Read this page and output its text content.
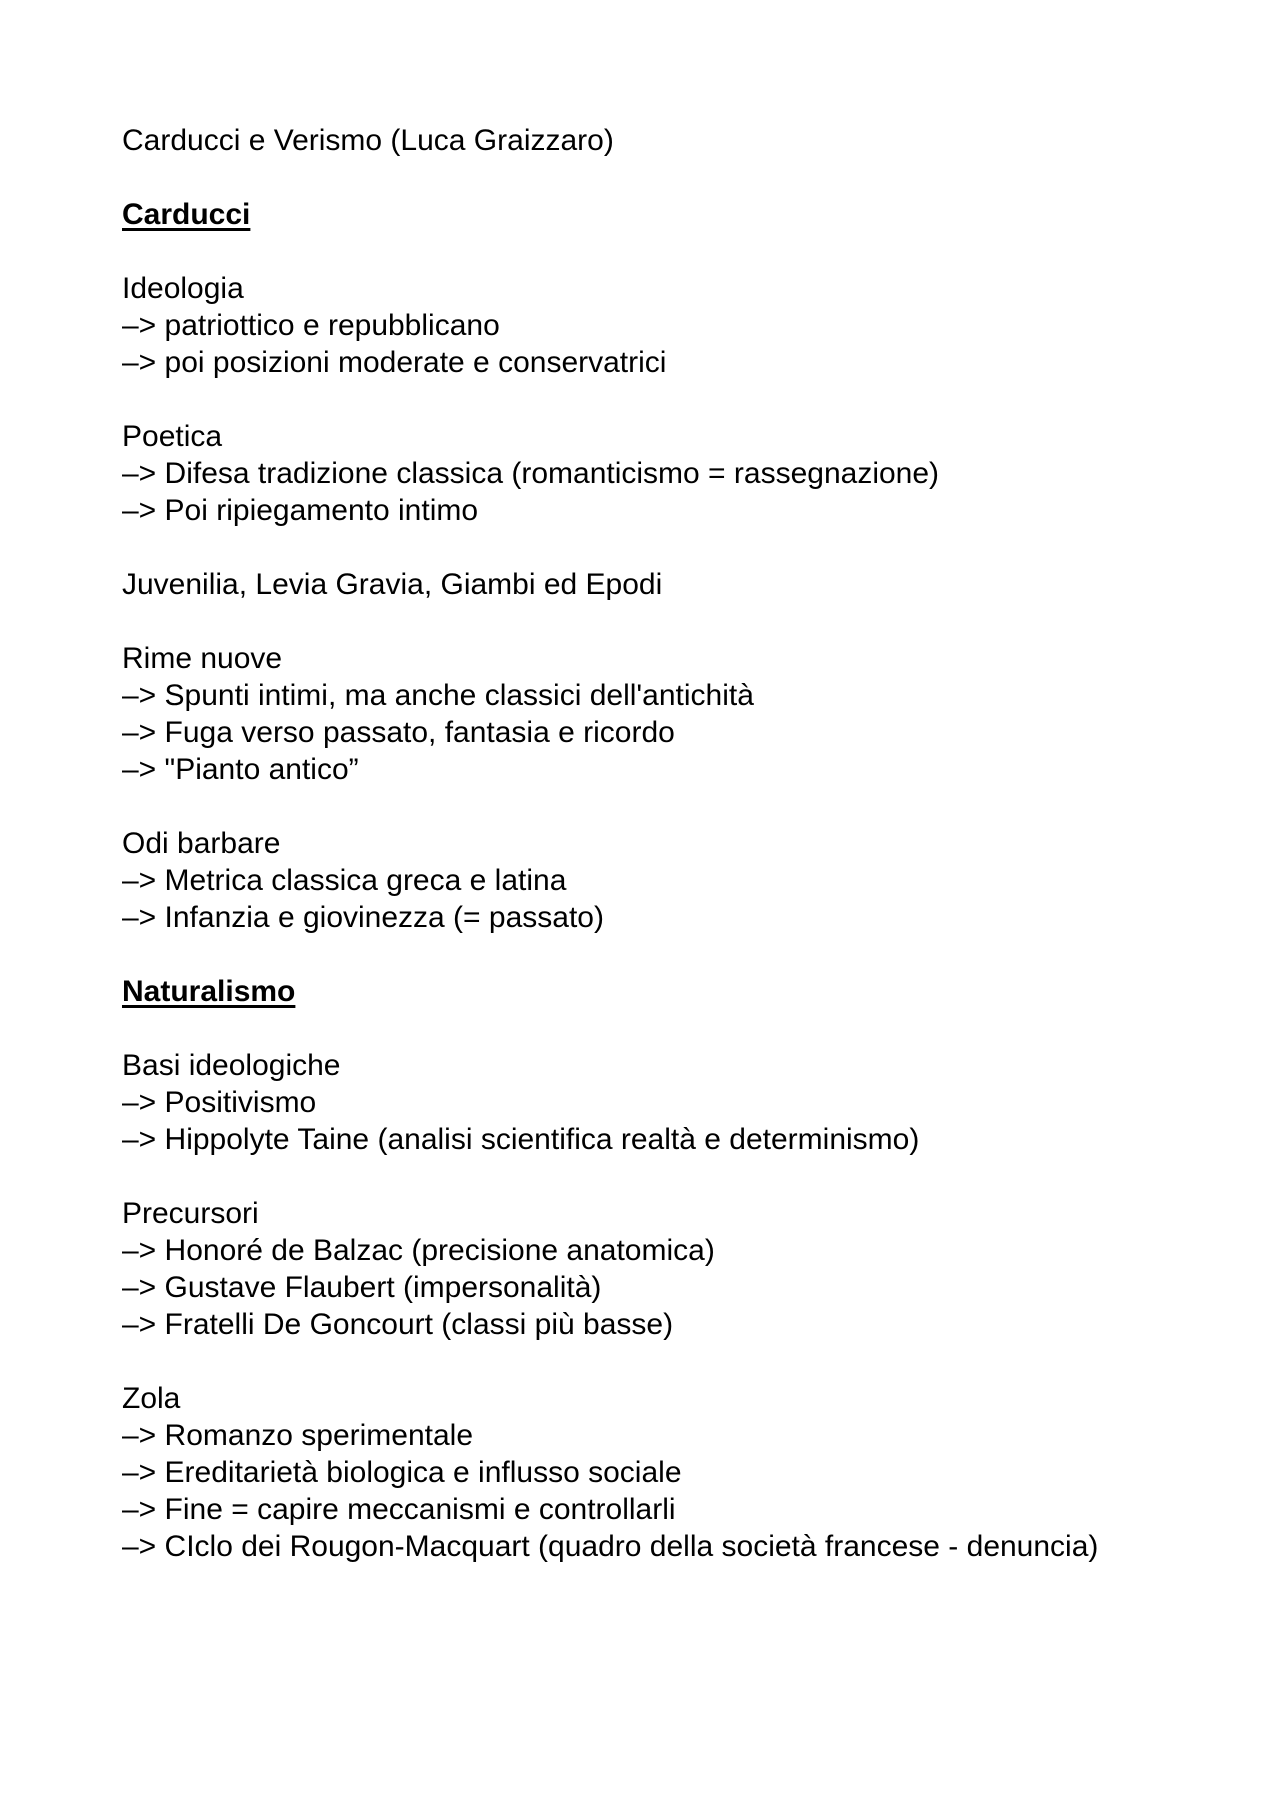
Carducci e Verismo (Luca Graizzaro)
Carducci
Ideologia
–> patriottico e repubblicano
–> poi posizioni moderate e conservatrici
Poetica
–> Difesa tradizione classica (romanticismo = rassegnazione)
–> Poi ripiegamento intimo
Juvenilia, Levia Gravia, Giambi ed Epodi
Rime nuove
–> Spunti intimi, ma anche classici dell'antichità
–> Fuga verso passato, fantasia e ricordo
–> "Pianto antico”
Odi barbare
–> Metrica classica greca e latina
–> Infanzia e giovinezza (= passato)
Naturalismo
Basi ideologiche
–> Positivismo
–> Hippolyte Taine (analisi scientifica realtà e determinismo)
Precursori
–> Honoré de Balzac (precisione anatomica)
–> Gustave Flaubert (impersonalità)
–> Fratelli De Goncourt (classi più basse)
Zola
–> Romanzo sperimentale
–> Ereditarietà biologica e influsso sociale
–> Fine = capire meccanismi e controllarli
–> CIclo dei Rougon-Macquart (quadro della società francese - denuncia)
